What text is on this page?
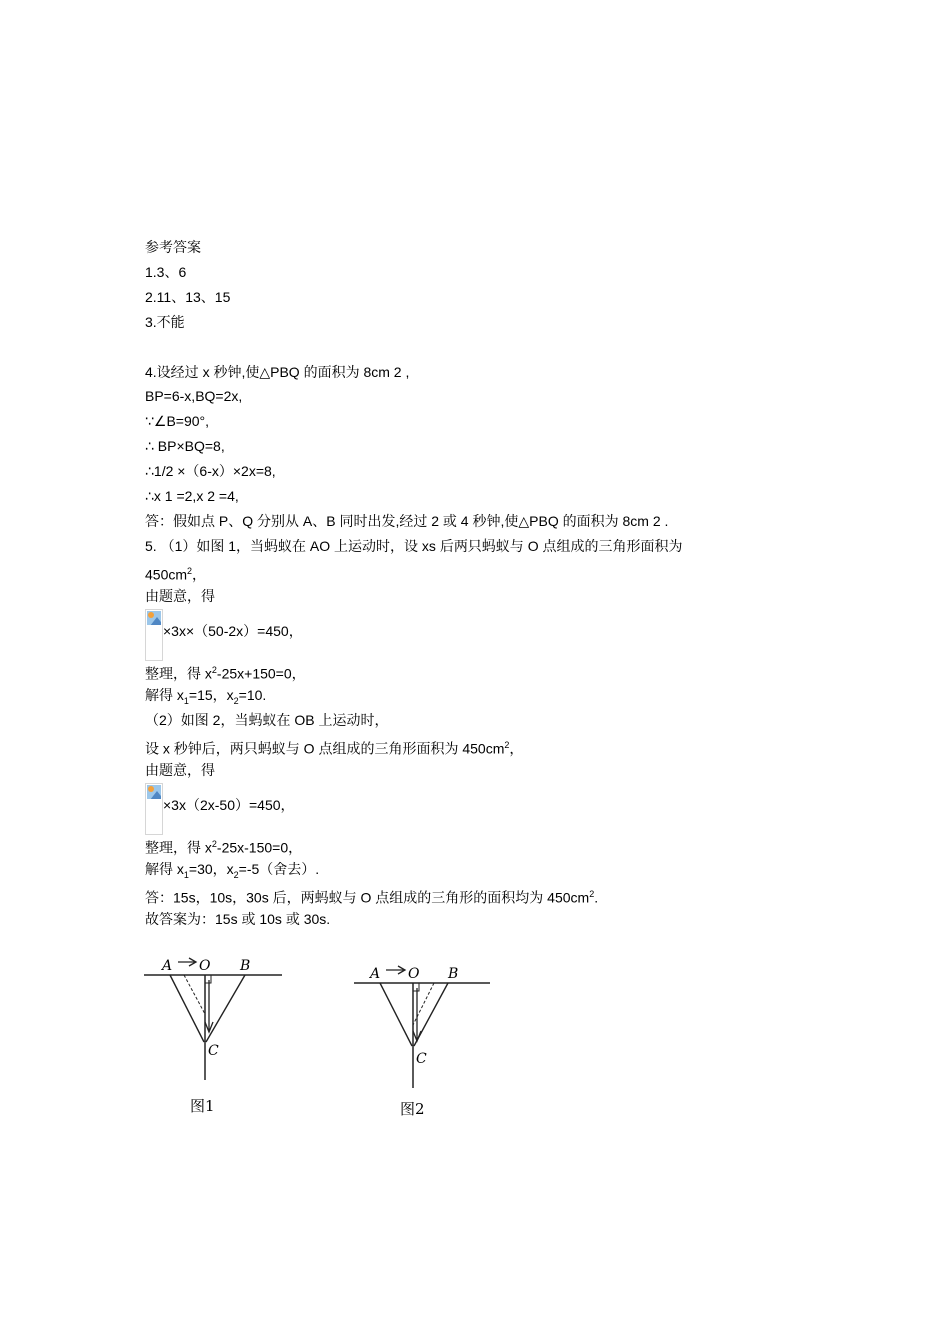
参考答案
1.3、6
2.11、13、15
3.不能
4.设经过 x 秒钟,使△PBQ 的面积为 8cm 2 ,
BP=6-x,BQ=2x,
∵∠B=90°,
∴ BP×BQ=8,
∴1/2 ×（6-x）×2x=8,
∴x 1 =2,x 2 =4,
答：假如点 P、Q 分别从 A、B 同时出发,经过 2 或 4 秒钟,使△PBQ 的面积为 8cm 2 .
5. （1）如图 1，当蚂蚁在 AO 上运动时，设 xs 后两只蚂蚁与 O 点组成的三角形面积为
$450cm^2$，
由题意，得
×3x×（50-2x）=450，
整理，得 $x^2-25x+150=0$，
解得 $x_1=15$，$x_2=10$.
（2）如图 2，当蚂蚁在 OB 上运动时，
设 x 秒钟后，两只蚂蚁与 O 点组成的三角形面积为 $450cm^2$，
由题意，得
×3x（2x-50）=450，
整理，得 $x^2-25x-150=0$，
解得 $x_1=30$，$x_2=-5$（舍去）.
答：15s，10s，30s 后，两蚂蚁与 O 点组成的三角形的面积均为 $450cm^2$.
故答案为：15s 或 10s 或 30s.
A O B
C
图1
A O B
C
图2
